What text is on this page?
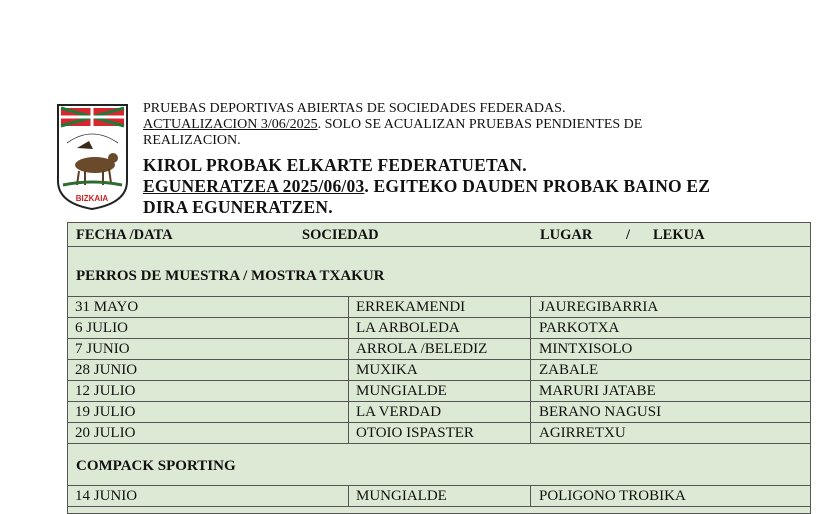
BIZKAIA
PRUEBAS DEPORTIVAS ABIERTAS DE SOCIEDADES FEDERADAS.
ACTUALIZACION 3/06/2025. SOLO SE ACUALIZAN PRUEBAS PENDIENTES DE REALIZACION.
KIROL PROBAK ELKARTE FEDERATUETAN.
EGUNERATZEA 2025/06/03. EGITEKO DAUDEN PROBAK BAINO EZ DIRA EGUNERATZEN.
FECHA /DATA	SOCIEDAD	LUGAR / LEKUA
PERROS DE MUESTRA / MOSTRA TXAKUR
31 MAYO	ERREKAMENDI	JAUREGIBARRIA
6 JULIO	LA ARBOLEDA	PARKOTXA
7 JUNIO	ARROLA /BELEDIZ	MINTXISOLO
28 JUNIO	MUXIKA	ZABALE
12 JULIO	MUNGIALDE	MARURI JATABE
19 JULIO	LA VERDAD	BERANO NAGUSI
20 JULIO	OTOIO ISPASTER	AGIRRETXU
COMPACK SPORTING
14 JUNIO	MUNGIALDE	POLIGONO TROBIKA
